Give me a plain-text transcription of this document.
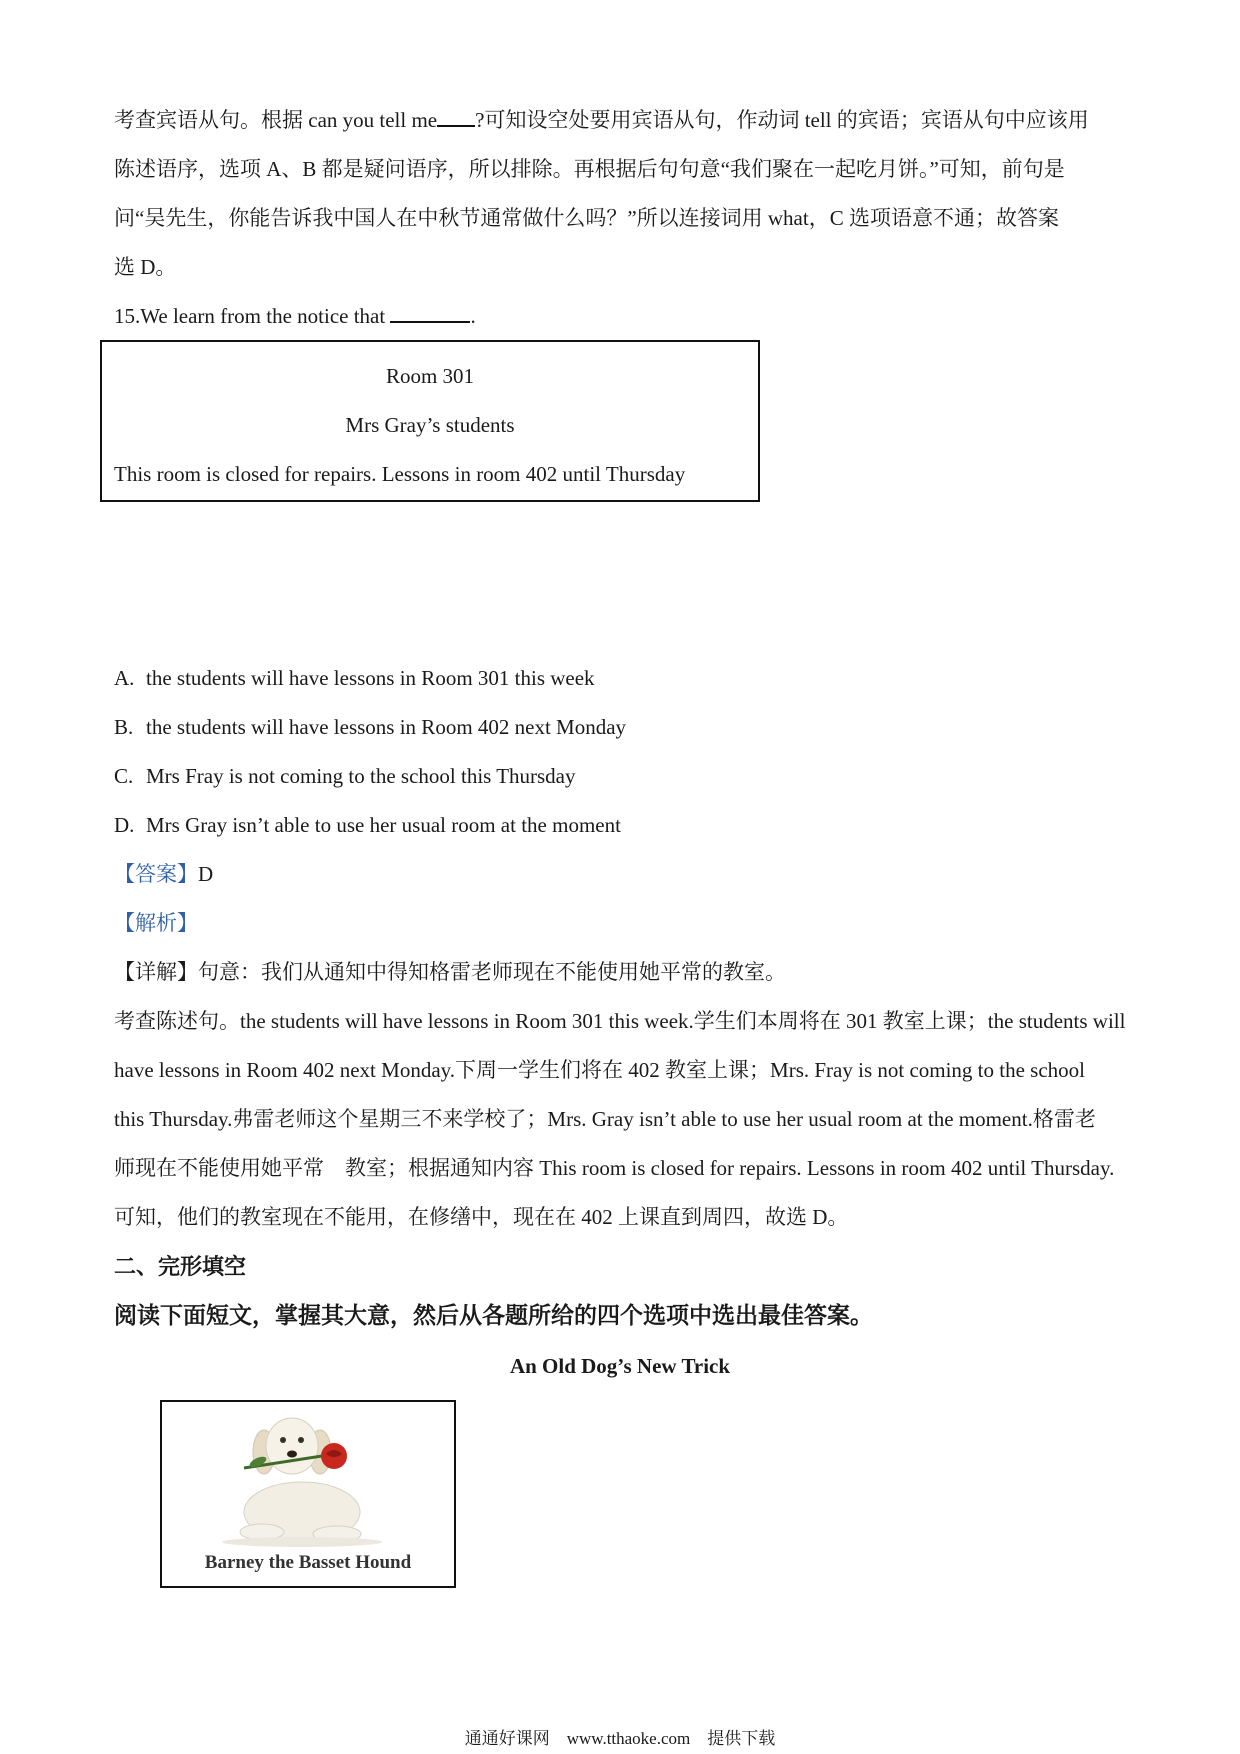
考查宾语从句。根据 can you tell me ?可知设空处要用宾语从句，作动词 tell 的宾语；宾语从句中应该用
陈述语序，选项 A、B 都是疑问语序，所以排除。再根据后句句意“我们聚在一起吃月饼。”可知，前句是
问“吴先生，你能告诉我中国人在中秋节通常做什么吗？”所以连接词用 what，C 选项语意不通；故答案
选 D。
15.We learn from the notice that	.
Room 301
Mrs Gray’s students
This room is closed for repairs. Lessons in room 402 until Thursday
A. the students will have lessons in Room 301 this week
B. the students will have lessons in Room 402 next Monday
C. Mrs Fray is not coming to the school this Thursday
D. Mrs Gray isn’t able to use her usual room at the moment
【答案】D
【解析】
【详解】句意：我们从通知中得知格雷老师现在不能使用她平常的教室。
考查陈述句。the students will have lessons in Room 301 this week.学生们本周将在 301 教室上课；the students will
have lessons in Room 402 next Monday.下周一学生们将在 402 教室上课；Mrs. Fray is not coming to the school
this Thursday.弗雷老师这个星期三不来学校了；Mrs. Gray isn’t able to use her usual room at the moment.格雷老
师现在不能使用她平常　教室；根据通知内容 This room is closed for repairs. Lessons in room 402 until Thursday.
可知，他们的教室现在不能用，在修缮中，现在在 402 上课直到周四，故选 D。
二、完形填空
阅读下面短文，掌握其大意，然后从各题所给的四个选项中选出最佳答案。
An Old Dog’s New Trick
Barney the Basset Hound
通通好课网　www.tthaoke.com　提供下载
